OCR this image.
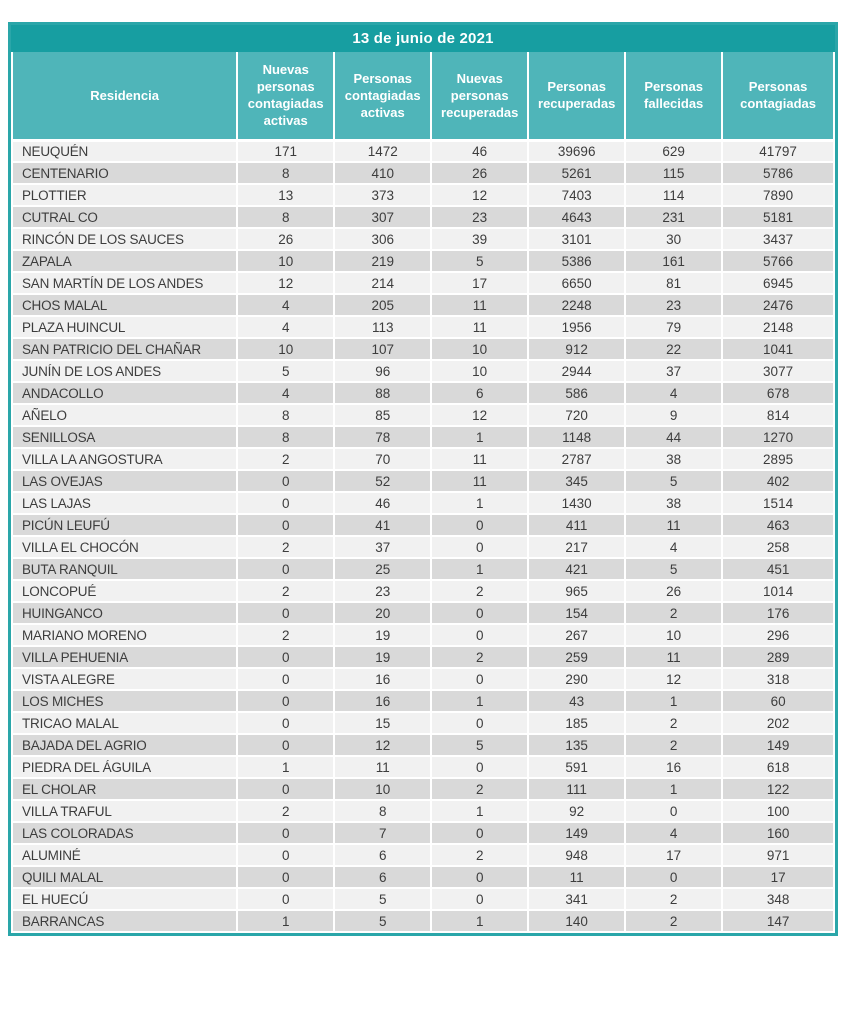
13 de junio de 2021
Residencia	Nuevas personas contagiadas activas	Personas contagiadas activas	Nuevas personas recuperadas	Personas recuperadas	Personas fallecidas	Personas contagiadas
NEUQUÉN	171	1472	46	39696	629	41797
CENTENARIO	8	410	26	5261	115	5786
PLOTTIER	13	373	12	7403	114	7890
CUTRAL CO	8	307	23	4643	231	5181
RINCÓN DE LOS SAUCES	26	306	39	3101	30	3437
ZAPALA	10	219	5	5386	161	5766
SAN MARTÍN DE LOS ANDES	12	214	17	6650	81	6945
CHOS MALAL	4	205	11	2248	23	2476
PLAZA HUINCUL	4	113	11	1956	79	2148
SAN PATRICIO DEL CHAÑAR	10	107	10	912	22	1041
JUNÍN DE LOS ANDES	5	96	10	2944	37	3077
ANDACOLLO	4	88	6	586	4	678
AÑELO	8	85	12	720	9	814
SENILLOSA	8	78	1	1148	44	1270
VILLA LA ANGOSTURA	2	70	11	2787	38	2895
LAS OVEJAS	0	52	11	345	5	402
LAS LAJAS	0	46	1	1430	38	1514
PICÚN LEUFÚ	0	41	0	411	11	463
VILLA EL CHOCÓN	2	37	0	217	4	258
BUTA RANQUIL	0	25	1	421	5	451
LONCOPUÉ	2	23	2	965	26	1014
HUINGANCO	0	20	0	154	2	176
MARIANO MORENO	2	19	0	267	10	296
VILLA PEHUENIA	0	19	2	259	11	289
VISTA ALEGRE	0	16	0	290	12	318
LOS MICHES	0	16	1	43	1	60
TRICAO MALAL	0	15	0	185	2	202
BAJADA DEL AGRIO	0	12	5	135	2	149
PIEDRA DEL ÁGUILA	1	11	0	591	16	618
EL CHOLAR	0	10	2	111	1	122
VILLA TRAFUL	2	8	1	92	0	100
LAS COLORADAS	0	7	0	149	4	160
ALUMINÉ	0	6	2	948	17	971
QUILI MALAL	0	6	0	11	0	17
EL HUECÚ	0	5	0	341	2	348
BARRANCAS	1	5	1	140	2	147
